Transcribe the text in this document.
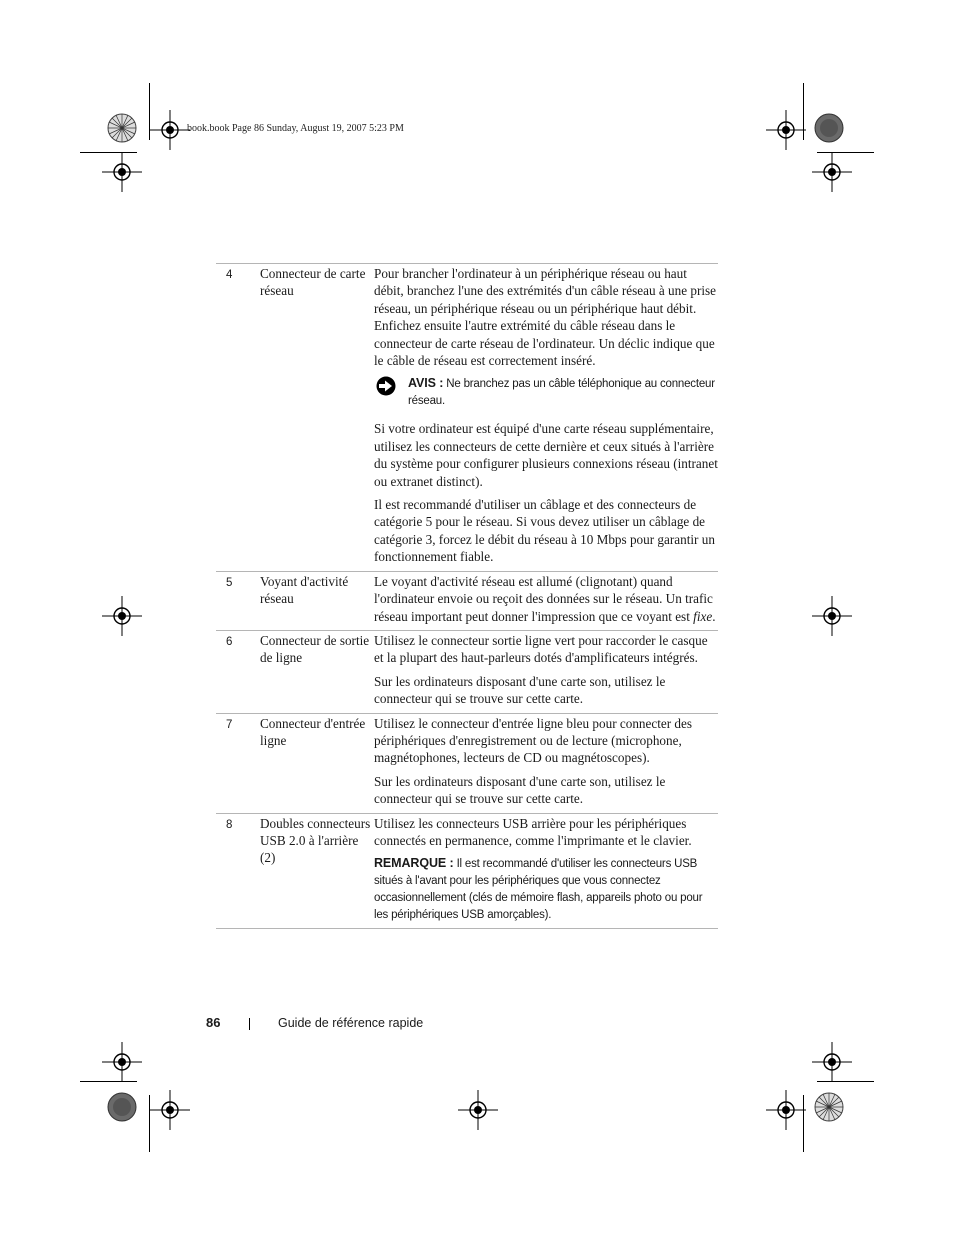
book.book Page 86 Sunday, August 19, 2007 5:23 PM
4	Connecteur de carte réseau	Pour brancher l'ordinateur à un périphérique réseau ou haut débit, branchez l'une des extrémités d'un câble réseau à une prise réseau, un périphérique réseau ou un périphérique haut débit. Enfichez ensuite l'autre extrémité du câble réseau dans le connecteur de carte réseau de l'ordinateur. Un déclic indique que le câble de réseau est correctement inséré.

AVIS : Ne branchez pas un câble téléphonique au connecteur réseau.

Si votre ordinateur est équipé d'une carte réseau supplémentaire, utilisez les connecteurs de cette dernière et ceux situés à l'arrière du système pour configurer plusieurs connexions réseau (intranet ou extranet distinct).

Il est recommandé d'utiliser un câblage et des connecteurs de catégorie 5 pour le réseau. Si vous devez utiliser un câblage de catégorie 3, forcez le débit du réseau à 10 Mbps pour garantir un fonctionnement fiable.

5	Voyant d'activité réseau	Le voyant d'activité réseau est allumé (clignotant) quand l'ordinateur envoie ou reçoit des données sur le réseau. Un trafic réseau important peut donner l'impression que ce voyant est fixe.

6	Connecteur de sortie de ligne	Utilisez le connecteur sortie ligne vert pour raccorder le casque et la plupart des haut-parleurs dotés d'amplificateurs intégrés.

Sur les ordinateurs disposant d'une carte son, utilisez le connecteur qui se trouve sur cette carte.

7	Connecteur d'entrée ligne	Utilisez le connecteur d'entrée ligne bleu pour connecter des périphériques d'enregistrement ou de lecture (microphone, magnétophones, lecteurs de CD ou magnétoscopes).

Sur les ordinateurs disposant d'une carte son, utilisez le connecteur qui se trouve sur cette carte.

8	Doubles connecteurs USB 2.0 à l'arrière (2)	Utilisez les connecteurs USB arrière pour les périphériques connectés en permanence, comme l'imprimante et le clavier.

REMARQUE : Il est recommandé d'utiliser les connecteurs USB situés à l'avant pour les périphériques que vous connectez occasionnellement (clés de mémoire flash, appareils photo ou pour les périphériques USB amorçables).
86	Guide de référence rapide
